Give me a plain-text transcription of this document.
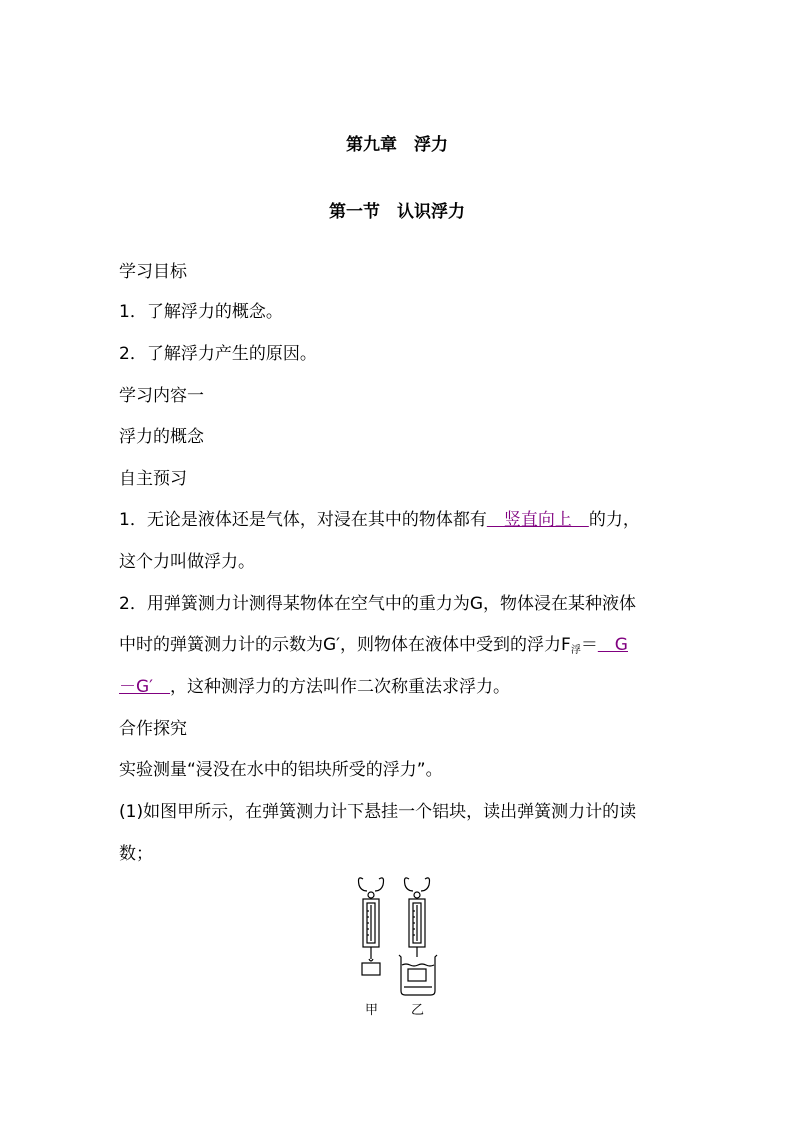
第九章　浮力
第一节　认识浮力
学习目标
1．了解浮力的概念。
2．了解浮力产生的原因。
学习内容一
浮力的概念
自主预习
1．无论是液体还是气体，对浸在其中的物体都有　竖直向上　的力，
这个力叫做浮力。
2．用弹簧测力计测得某物体在空气中的重力为G，物体浸在某种液体
中时的弹簧测力计的示数为G′，则物体在液体中受到的浮力$F_浮=$　G
－G′　，这种测浮力的方法叫作二次称重法求浮力。
合作探究
实验测量“浸没在水中的铝块所受的浮力”。
(1)如图甲所示，在弹簧测力计下悬挂一个铝块，读出弹簧测力计的读
数；
甲	乙
